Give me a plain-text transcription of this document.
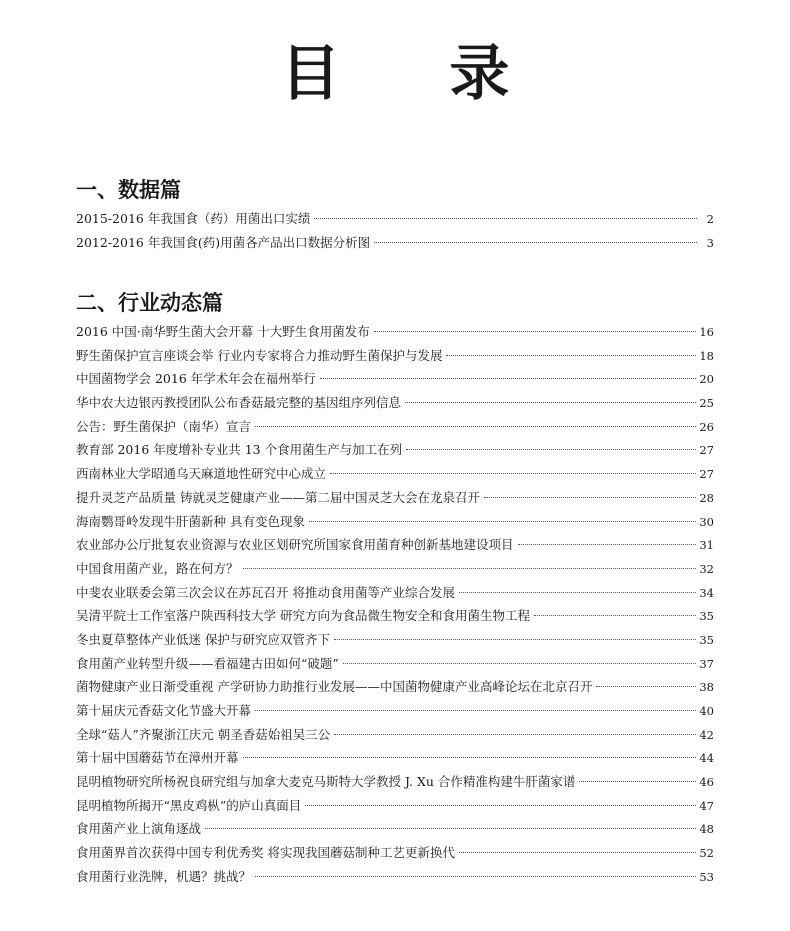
目 录
一、数据篇
2015-2016 年我国食（药）用菌出口实绩	2
2012-2016 年我国食(药)用菌各产品出口数据分析图	3
二、行业动态篇
2016 中国·南华野生菌大会开幕 十大野生食用菌发布	16
野生菌保护宣言座谈会举 行业内专家将合力推动野生菌保护与发展	18
中国菌物学会 2016 年学术年会在福州举行	20
华中农大边银丙教授团队公布香菇最完整的基因组序列信息	25
公告：野生菌保护（南华）宣言	26
教育部 2016 年度增补专业共 13 个食用菌生产与加工在列	27
西南林业大学昭通乌天麻道地性研究中心成立	27
提升灵芝产品质量 铸就灵芝健康产业——第二届中国灵芝大会在龙泉召开	28
海南鹦哥岭发现牛肝菌新种 具有变色现象	30
农业部办公厅批复农业资源与农业区划研究所国家食用菌育种创新基地建设项目	31
中国食用菌产业，路在何方？	32
中斐农业联委会第三次会议在苏瓦召开 将推动食用菌等产业综合发展	34
吴清平院士工作室落户陕西科技大学 研究方向为食品微生物安全和食用菌生物工程	35
冬虫夏草整体产业低迷 保护与研究应双管齐下	35
食用菌产业转型升级——看福建古田如何“破题”	37
菌物健康产业日渐受重视 产学研协力助推行业发展——中国菌物健康产业高峰论坛在北京召开	38
第十届庆元香菇文化节盛大开幕	40
全球“菇人”齐聚浙江庆元 朝圣香菇始祖吴三公	42
第十届中国蘑菇节在漳州开幕	44
昆明植物研究所杨祝良研究组与加拿大麦克马斯特大学教授 J. Xu 合作精准构建牛肝菌家谱	46
昆明植物所揭开“黑皮鸡枞”的庐山真面目	47
食用菌产业上演角逐战	48
食用菌界首次获得中国专利优秀奖 将实现我国蘑菇制种工艺更新换代	52
食用菌行业洗牌，机遇？挑战？	53
